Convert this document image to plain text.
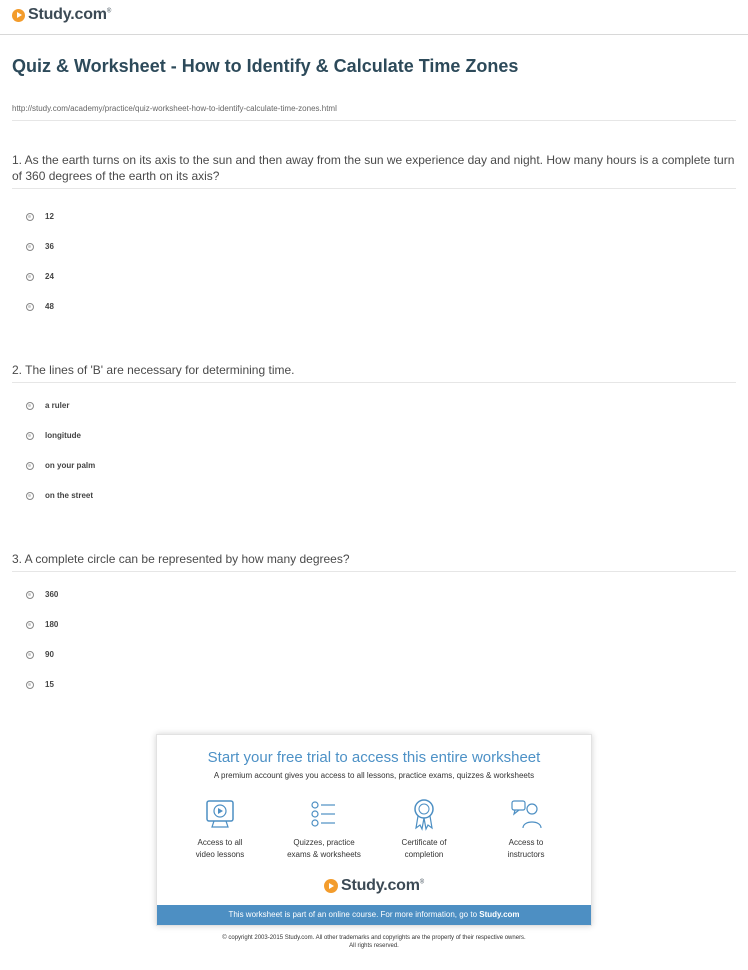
Study.com®
Quiz & Worksheet - How to Identify & Calculate Time Zones
http://study.com/academy/practice/quiz-worksheet-how-to-identify-calculate-time-zones.html
1. As the earth turns on its axis to the sun and then away from the sun we experience day and night. How many hours is a complete turn of 360 degrees of the earth on its axis?
12
36
24
48
2. The lines of 'B' are necessary for determining time.
a ruler
longitude
on your palm
on the street
3. A complete circle can be represented by how many degrees?
360
180
90
15
Start your free trial to access this entire worksheet
A premium account gives you access to all lessons, practice exams, quizzes & worksheets
Access to all
video lessons
Quizzes, practice
exams & worksheets
Certificate of
completion
Access to
instructors
Study.com®
This worksheet is part of an online course. For more information, go to Study.com
© copyright 2003-2015 Study.com. All other trademarks and copyrights are the property of their respective owners.
All rights reserved.
